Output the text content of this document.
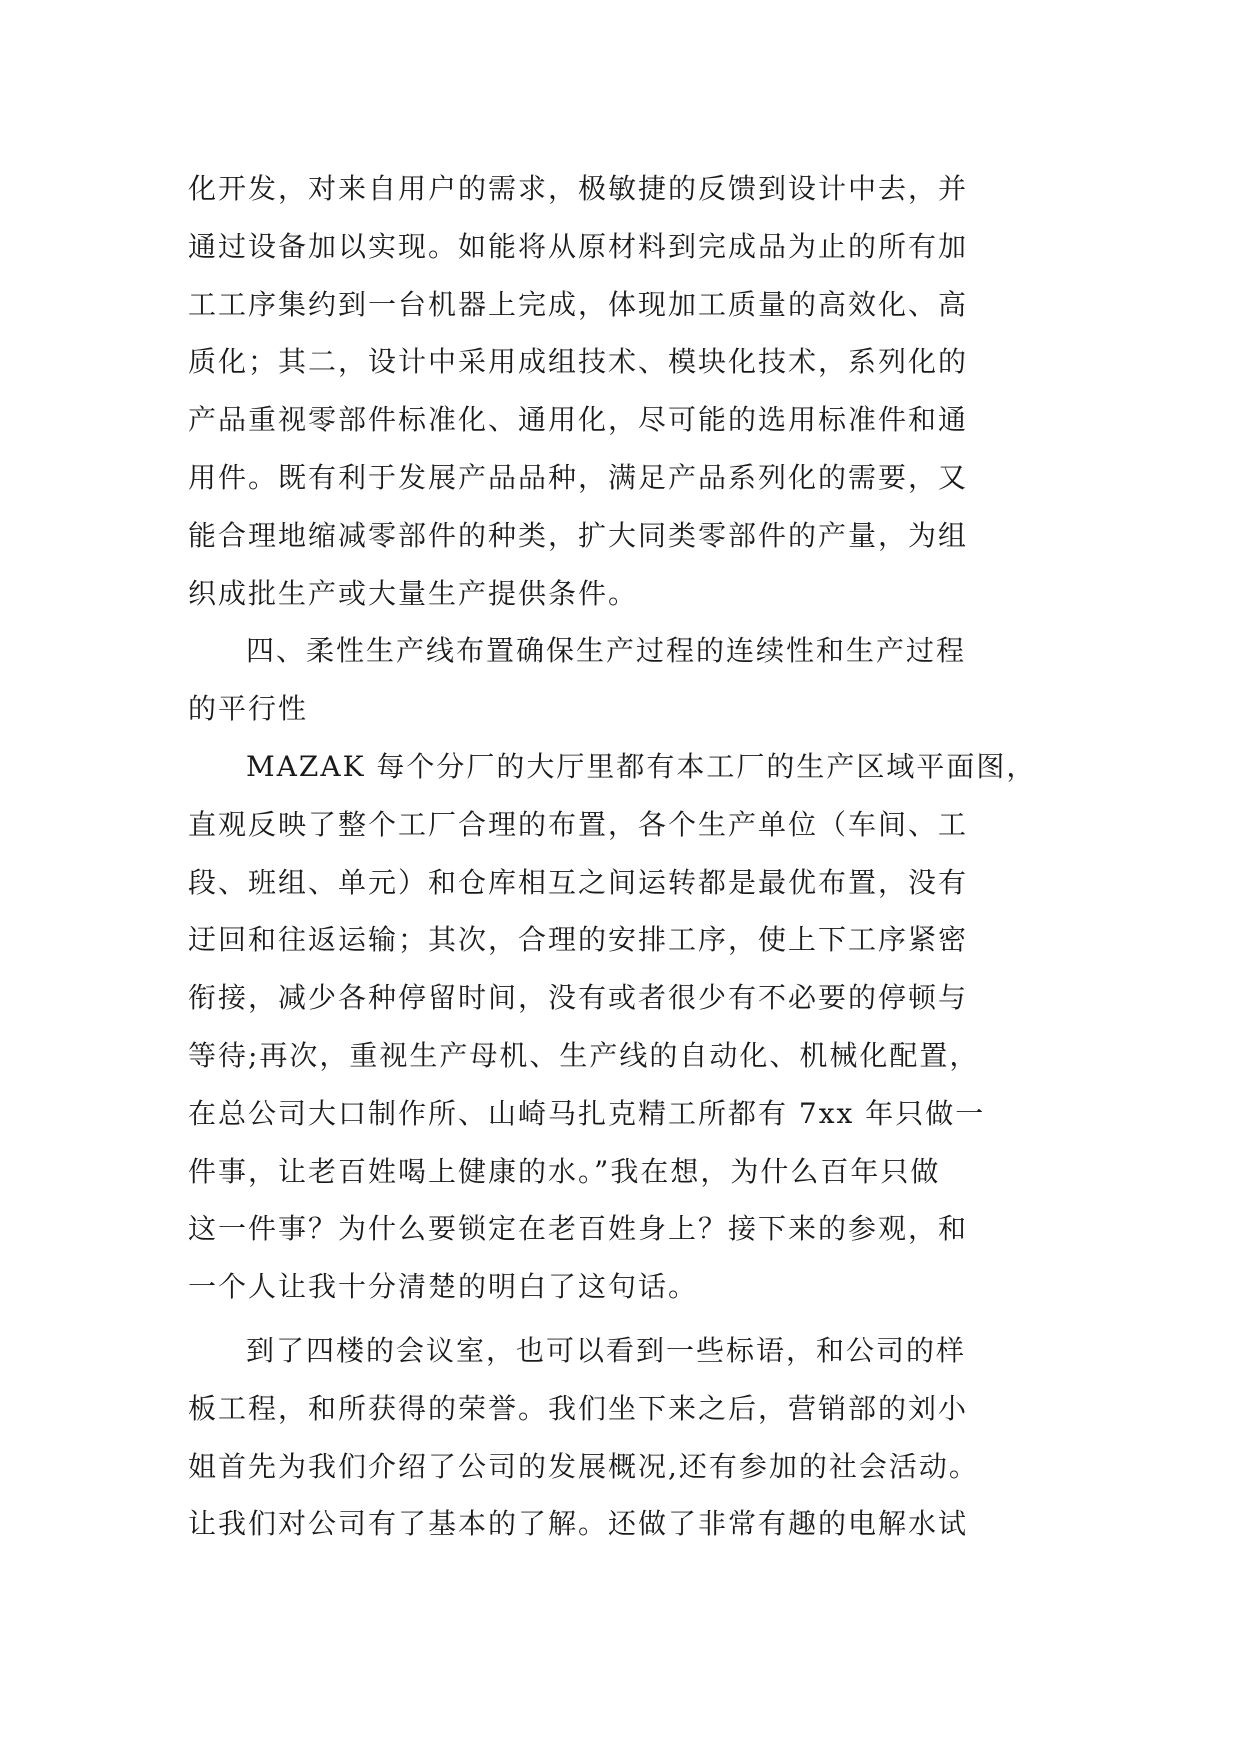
化开发，对来自用户的需求，极敏捷的反馈到设计中去，并
通过设备加以实现。如能将从原材料到完成品为止的所有加
工工序集约到一台机器上完成，体现加工质量的高效化、高
质化；其二，设计中采用成组技术、模块化技术，系列化的
产品重视零部件标准化、通用化，尽可能的选用标准件和通
用件。既有利于发展产品品种，满足产品系列化的需要，又
能合理地缩减零部件的种类，扩大同类零部件的产量，为组
织成批生产或大量生产提供条件。
四、柔性生产线布置确保生产过程的连续性和生产过程
的平行性
MAZAK 每个分厂的大厅里都有本工厂的生产区域平面图，
直观反映了整个工厂合理的布置，各个生产单位（车间、工
段、班组、单元）和仓库相互之间运转都是最优布置，没有
迂回和往返运输；其次，合理的安排工序，使上下工序紧密
衔接，减少各种停留时间，没有或者很少有不必要的停顿与
等待;再次，重视生产母机、生产线的自动化、机械化配置，
在总公司大口制作所、山崎马扎克精工所都有 7xx 年只做一
件事，让老百姓喝上健康的水。”我在想，为什么百年只做
这一件事？为什么要锁定在老百姓身上？接下来的参观，和
一个人让我十分清楚的明白了这句话。
到了四楼的会议室，也可以看到一些标语，和公司的样
板工程，和所获得的荣誉。我们坐下来之后，营销部的刘小
姐首先为我们介绍了公司的发展概况,还有参加的社会活动。
让我们对公司有了基本的了解。还做了非常有趣的电解水试
